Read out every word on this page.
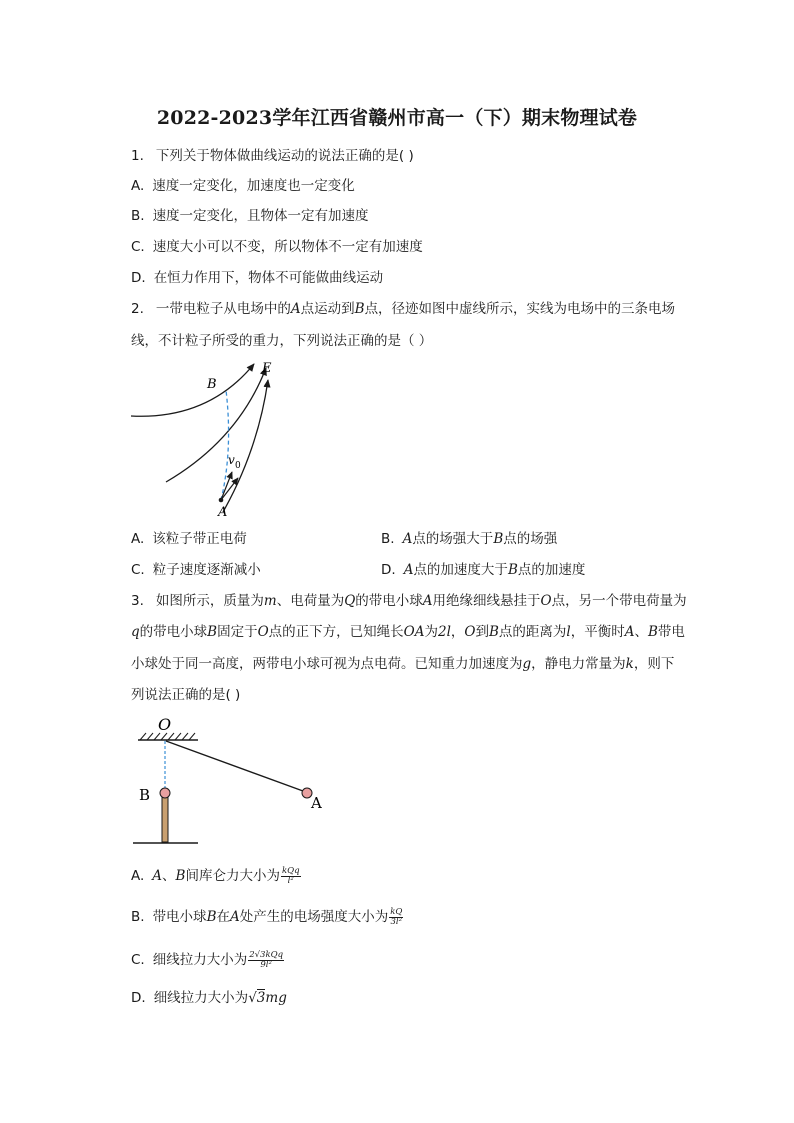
2022-2023学年江西省赣州市高一（下）期末物理试卷
1. 下列关于物体做曲线运动的说法正确的是( )
A. 速度一定变化，加速度也一定变化
B. 速度一定变化，且物体一定有加速度
C. 速度大小可以不变，所以物体不一定有加速度
D. 在恒力作用下，物体不可能做曲线运动
2. 一带电粒子从电场中的A点运动到B点，径迹如图中虚线所示，实线为电场中的三条电场
线，不计粒子所受的重力，下列说法正确的是（ ）
B
E
A
v 0
A. 该粒子带正电荷	B. A点的场强大于B点的场强
C. 粒子速度逐渐减小	D. A点的加速度大于B点的加速度
3. 如图所示，质量为m、电荷量为Q的带电小球A用绝缘细线悬挂于O点，另一个带电荷量为
q的带电小球B固定于O点的正下方，已知绳长OA为2l，O到B点的距离为l，平衡时A、B带电
小球处于同一高度，两带电小球可视为点电荷。已知重力加速度为g，静电力常量为k，则下
列说法正确的是( )
O
B	A
A. A、B间库仑力大小为 $\frac{\text{kQq}}{\text{l²}}$
B. 带电小球B在A处产生的电场强度大小为 $\frac{kQ}{\text{3l²}}$
C. 细线拉力大小为 $\frac{\text{2√3kQq}}{\text{9l²}}$
D. 细线拉力大小为√3mg
